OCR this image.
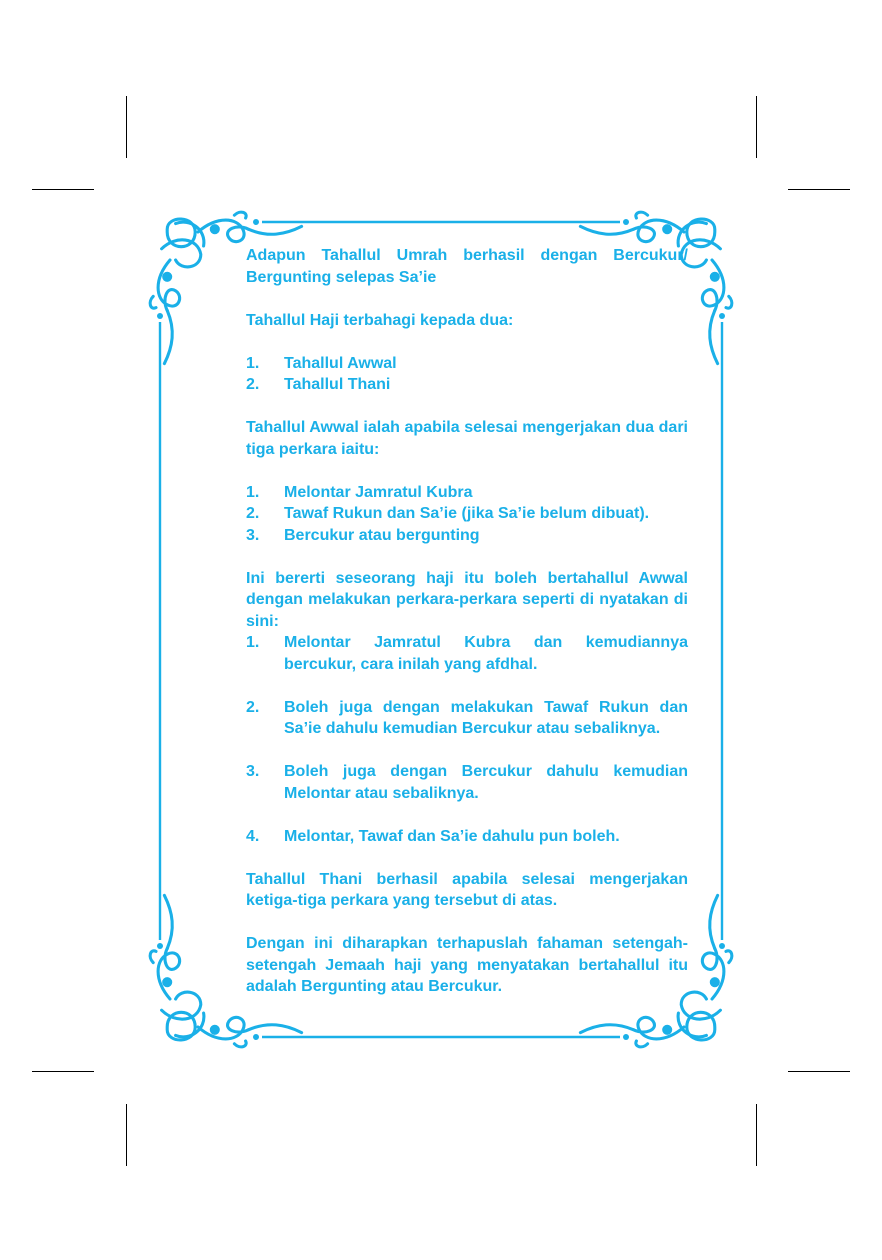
Adapun Tahallul Umrah berhasil dengan Bercukur/ Bergunting selepas Sa’ie

Tahallul Haji terbahagi kepada dua:

1.	Tahallul Awwal
2.	Tahallul Thani

Tahallul Awwal ialah apabila selesai mengerjakan dua dari tiga perkara iaitu:

1.	Melontar Jamratul Kubra
2.	Tawaf Rukun dan Sa’ie (jika Sa’ie belum dibuat).
3.	Bercukur atau bergunting

Ini bererti seseorang haji itu boleh bertahallul Awwal dengan melakukan perkara-perkara seperti di nyatakan di sini:

1.	Melontar Jamratul Kubra dan kemudiannya bercukur, cara inilah yang afdhal.
2.	Boleh juga dengan melakukan Tawaf Rukun dan Sa’ie dahulu kemudian Bercukur atau sebaliknya.
3.	Boleh juga dengan Bercukur dahulu kemudian Melontar atau sebaliknya.
4.	Melontar, Tawaf dan Sa’ie dahulu pun boleh.

Tahallul Thani berhasil apabila selesai mengerjakan ketiga-tiga perkara yang tersebut di atas.

Dengan ini diharapkan terhapuslah fahaman setengah-setengah Jemaah haji yang menyatakan bertahallul itu adalah Bergunting atau Bercukur.
